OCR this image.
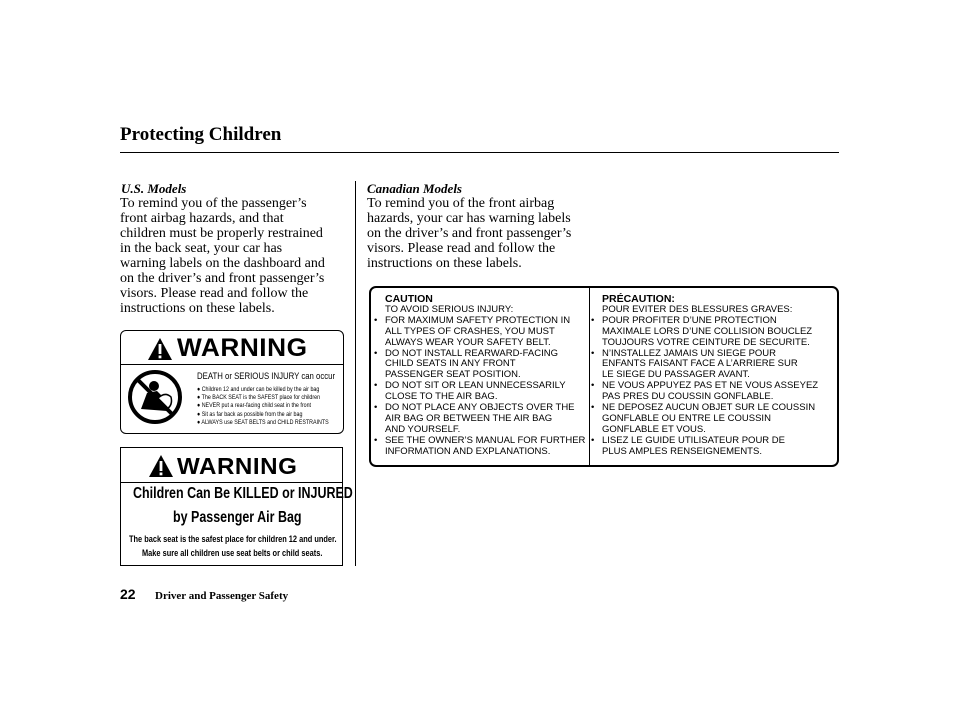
Protecting Children
U.S. Models
To remind you of the passenger’s
front airbag hazards, and that
children must be properly restrained
in the back seat, your car has
warning labels on the dashboard and
on the driver’s and front passenger’s
visors. Please read and follow the
instructions on these labels.
Canadian Models
To remind you of the front airbag
hazards, your car has warning labels
on the driver’s and front passenger’s
visors. Please read and follow the
instructions on these labels.
WARNING
DEATH or SERIOUS INJURY can occur
● Children 12 and under can be killed by the air bag
● The BACK SEAT is the SAFEST place for children
● NEVER put a rear-facing child seat in the front
● Sit as far back as possible from the air bag
● ALWAYS use SEAT BELTS and CHILD RESTRAINTS
WARNING
Children Can Be KILLED or INJURED
by Passenger Air Bag
The back seat is the safest place for children 12 and under.
Make sure all children use seat belts or child seats.
CAUTION
TO AVOID SERIOUS INJURY:
• FOR MAXIMUM SAFETY PROTECTION IN
ALL TYPES OF CRASHES, YOU MUST
ALWAYS WEAR YOUR SAFETY BELT.
• DO NOT INSTALL REARWARD-FACING
CHILD SEATS IN ANY FRONT
PASSENGER SEAT POSITION.
• DO NOT SIT OR LEAN UNNECESSARILY
CLOSE TO THE AIR BAG.
• DO NOT PLACE ANY OBJECTS OVER THE
AIR BAG OR BETWEEN THE AIR BAG
AND YOURSELF.
• SEE THE OWNER’S MANUAL FOR FURTHER
INFORMATION AND EXPLANATIONS.
PRÉCAUTION:
POUR EVITER DES BLESSURES GRAVES:
• POUR PROFITER D’UNE PROTECTION
MAXIMALE LORS D’UNE COLLISION BOUCLEZ
TOUJOURS VOTRE CEINTURE DE SECURITE.
• N’INSTALLEZ JAMAIS UN SIEGE POUR
ENFANTS FAISANT FACE A L’ARRIERE SUR
LE SIEGE DU PASSAGER AVANT.
• NE VOUS APPUYEZ PAS ET NE VOUS ASSEYEZ
PAS PRES DU COUSSIN GONFLABLE.
• NE DEPOSEZ AUCUN OBJET SUR LE COUSSIN
GONFLABLE OU ENTRE LE COUSSIN
GONFLABLE ET VOUS.
• LISEZ LE GUIDE UTILISATEUR POUR DE
PLUS AMPLES RENSEIGNEMENTS.
22 Driver and Passenger Safety
